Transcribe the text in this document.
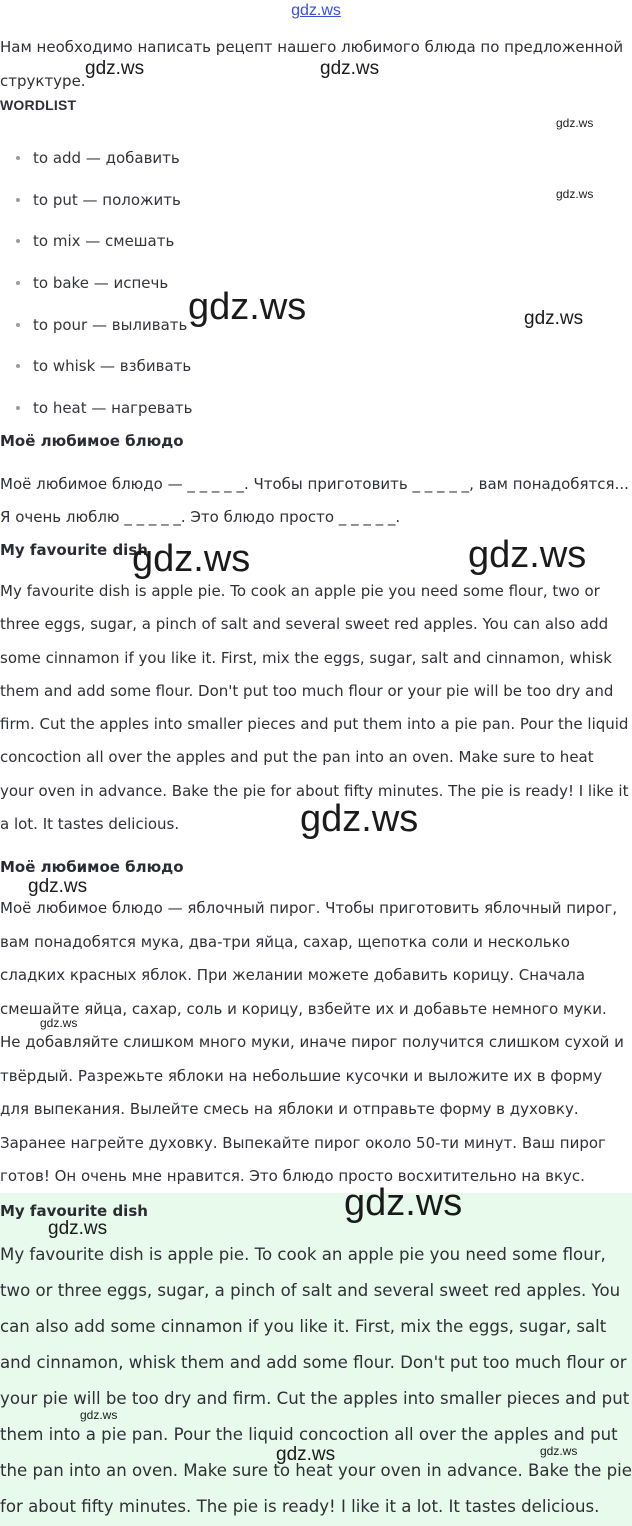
gdz.ws
Нам необходимо написать рецепт нашего любимого блюда по предложенной структуре.
WORDLIST
to add — добавить
to put — положить
to mix — смешать
to bake — испечь
to pour — выливать
to whisk — взбивать
to heat — нагревать
Моё любимое блюдо
Моё любимое блюдо — _ _ _ _ _. Чтобы приготовить _ _ _ _ _, вам понадобятся...
Я очень люблю _ _ _ _ _. Это блюдо просто _ _ _ _ _.
My favourite dish
My favourite dish is apple pie. To cook an apple pie you need some flour, two or three eggs, sugar, a pinch of salt and several sweet red apples. You can also add some cinnamon if you like it. First, mix the eggs, sugar, salt and cinnamon, whisk them and add some flour. Don't put too much flour or your pie will be too dry and firm. Cut the apples into smaller pieces and put them into a pie pan. Pour the liquid concoction all over the apples and put the pan into an oven. Make sure to heat your oven in advance. Bake the pie for about fifty minutes. The pie is ready! I like it a lot. It tastes delicious.
Моё любимое блюдо
Моё любимое блюдо — яблочный пирог. Чтобы приготовить яблочный пирог, вам понадобятся мука, два-три яйца, сахар, щепотка соли и несколько сладких красных яблок. При желании можете добавить корицу. Сначала смешайте яйца, сахар, соль и корицу, взбейте их и добавьте немного муки. Не добавляйте слишком много муки, иначе пирог получится слишком сухой и твёрдый. Разрежьте яблоки на небольшие кусочки и выложите их в форму для выпекания. Вылейте смесь на яблоки и отправьте форму в духовку. Заранее нагрейте духовку. Выпекайте пирог около 50-ти минут. Ваш пирог готов! Он очень мне нравится. Это блюдо просто восхитительно на вкус.
My favourite dish
My favourite dish is apple pie. To cook an apple pie you need some flour, two or three eggs, sugar, a pinch of salt and several sweet red apples. You can also add some cinnamon if you like it. First, mix the eggs, sugar, salt and cinnamon, whisk them and add some flour. Don't put too much flour or your pie will be too dry and firm. Cut the apples into smaller pieces and put them into a pie pan. Pour the liquid concoction all over the apples and put the pan into an oven. Make sure to heat your oven in advance. Bake the pie for about fifty minutes. The pie is ready! I like it a lot. It tastes delicious.
gdz.ws	gdz.ws
gdz.ws
gdz.ws
gdz.ws	gdz.ws
gdz.ws	gdz.ws
gdz.ws
gdz.ws
gdz.ws
gdz.ws
gdz.ws
gdz.ws
gdz.ws	gdz.ws
